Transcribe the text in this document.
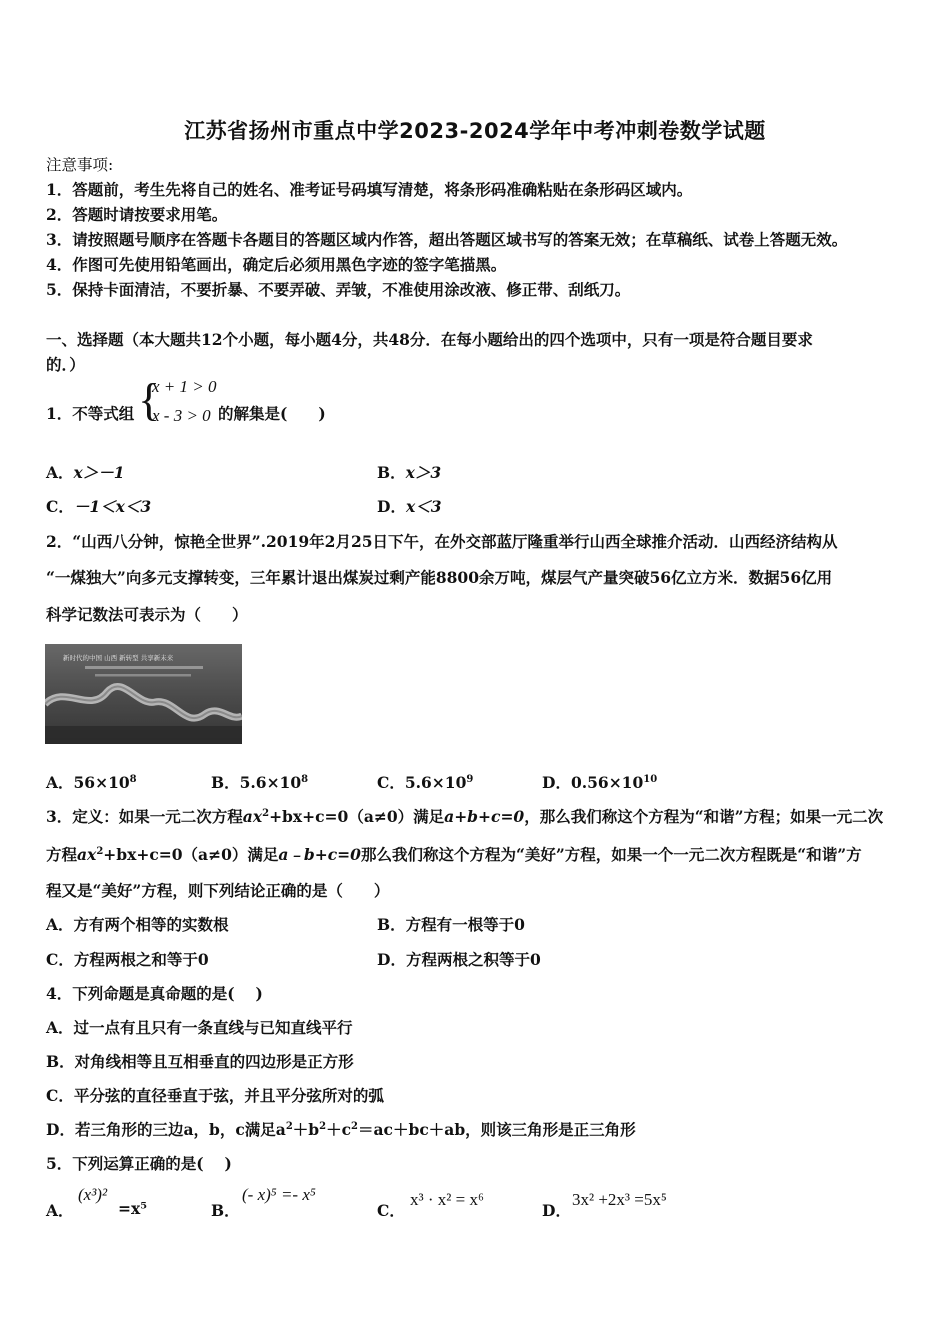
江苏省扬州市重点中学2023-2024学年中考冲刺卷数学试题
注意事项:
1．答题前，考生先将自己的姓名、准考证号码填写清楚，将条形码准确粘贴在条形码区域内。
2．答题时请按要求用笔。
3．请按照题号顺序在答题卡各题目的答题区域内作答，超出答题区域书写的答案无效；在草稿纸、试卷上答题无效。
4．作图可先使用铅笔画出，确定后必须用黑色字迹的签字笔描黑。
5．保持卡面清洁，不要折暴、不要弄破、弄皱，不准使用涂改液、修正带、刮纸刀。
一、选择题（本大题共12个小题，每小题4分，共48分．在每小题给出的四个选项中，只有一项是符合题目要求
的．）
1．不等式组 {
x + 1 > 0
x - 3 > 0 的解集是(　　)
A．x＞－1	B．x＞3
C．－1＜x＜3	D．x＜3
2．“山西八分钟，惊艳全世界”.2019年2月25日下午，在外交部蓝厅隆重举行山西全球推介活动．山西经济结构从
“一煤独大”向多元支撑转变，三年累计退出煤炭过剩产能8800余万吨，煤层气产量突破56亿立方米．数据56亿用
科学记数法可表示为（　　）
新时代的中国 山西 新转型 共享新未来
A．$56\times 10^8$	B．$5.6\times 10^8$	C．$5.6\times 10^9$	D．$0.56\times 10^{10}$
3．定义：如果一元二次方程$ax^2+bx+c=0(a\ne 0)$满足a+b+c=0，那么我们称这个方程为“和谐”方程；如果一元二次
方程$ax^2+bx+c=0(a\ne 0)$满足a﹣b+c=0那么我们称这个方程为“美好”方程，如果一个一元二次方程既是“和谐”方
程又是“美好”方程，则下列结论正确的是（　　）
A．方有两个相等的实数根	B．方程有一根等于0
C．方程两根之和等于0	D．方程两根之积等于0
4．下列命题是真命题的是(　 )
A．过一点有且只有一条直线与已知直线平行
B．对角线相等且互相垂直的四边形是正方形
C．平分弦的直径垂直于弦，并且平分弦所对的弧
D．若三角形的三边a，b，c满足$a^2+b^2+c^2=ac+bc+ab$，则该三角形是正三角形
5．下列运算正确的是(　 )
A．
(x³)²
=x⁵	B．
(- x)⁵ =- x⁵
C．
x³ · x² = x⁶
D．
3x² +2x³ =5x⁵
